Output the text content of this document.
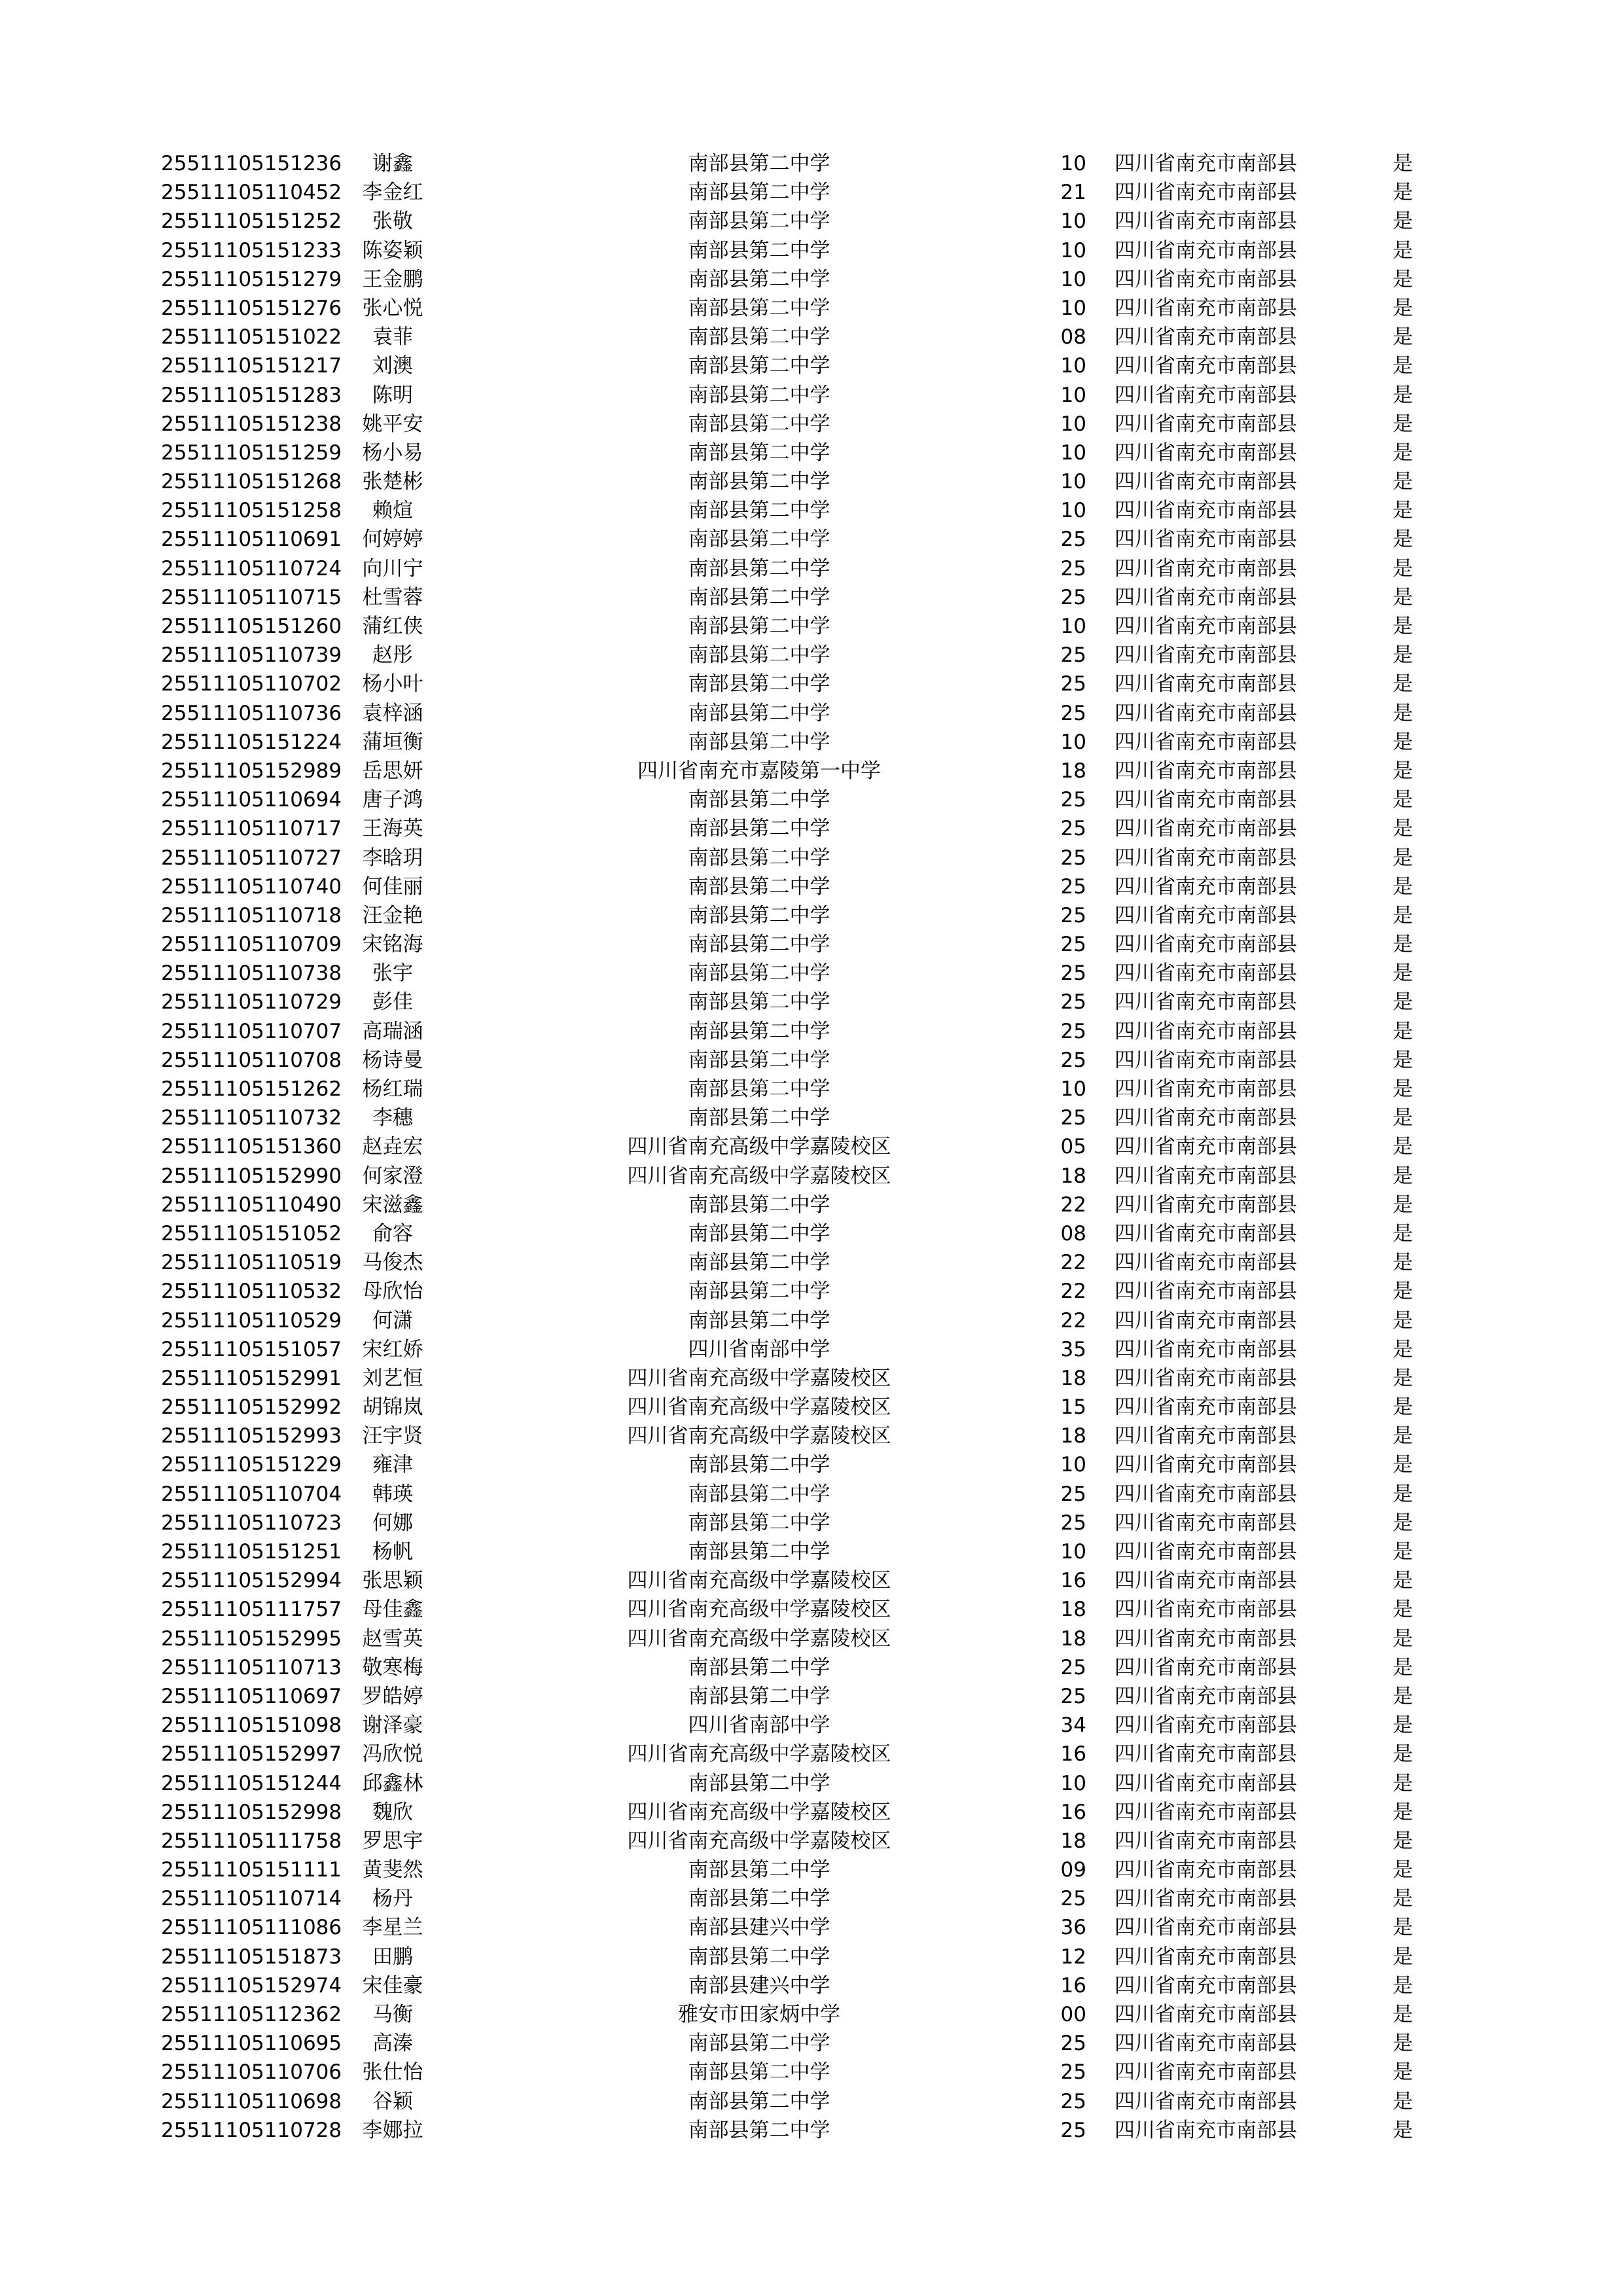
25511105151236	谢鑫	南部县第二中学	10 四川省南充市南部县	是
25511105110452	李金红	南部县第二中学	21 四川省南充市南部县	是
25511105151252	张敬	南部县第二中学	10 四川省南充市南部县	是
25511105151233	陈姿颖	南部县第二中学	10 四川省南充市南部县	是
25511105151279	王金鹏	南部县第二中学	10 四川省南充市南部县	是
25511105151276	张心悦	南部县第二中学	10 四川省南充市南部县	是
25511105151022	袁菲	南部县第二中学	08 四川省南充市南部县	是
25511105151217	刘澳	南部县第二中学	10 四川省南充市南部县	是
25511105151283	陈明	南部县第二中学	10 四川省南充市南部县	是
25511105151238	姚平安	南部县第二中学	10 四川省南充市南部县	是
25511105151259	杨小易	南部县第二中学	10 四川省南充市南部县	是
25511105151268	张楚彬	南部县第二中学	10 四川省南充市南部县	是
25511105151258	赖煊	南部县第二中学	10 四川省南充市南部县	是
25511105110691	何婷婷	南部县第二中学	25 四川省南充市南部县	是
25511105110724	向川宁	南部县第二中学	25 四川省南充市南部县	是
25511105110715	杜雪蓉	南部县第二中学	25 四川省南充市南部县	是
25511105151260	蒲红侠	南部县第二中学	10 四川省南充市南部县	是
25511105110739	赵彤	南部县第二中学	25 四川省南充市南部县	是
25511105110702	杨小叶	南部县第二中学	25 四川省南充市南部县	是
25511105110736	袁梓涵	南部县第二中学	25 四川省南充市南部县	是
25511105151224	蒲垣衡	南部县第二中学	10 四川省南充市南部县	是
25511105152989	岳思妍	四川省南充市嘉陵第一中学	18 四川省南充市南部县	是
25511105110694	唐子鸿	南部县第二中学	25 四川省南充市南部县	是
25511105110717	王海英	南部县第二中学	25 四川省南充市南部县	是
25511105110727	李晗玥	南部县第二中学	25 四川省南充市南部县	是
25511105110740	何佳丽	南部县第二中学	25 四川省南充市南部县	是
25511105110718	汪金艳	南部县第二中学	25 四川省南充市南部县	是
25511105110709	宋铭海	南部县第二中学	25 四川省南充市南部县	是
25511105110738	张宇	南部县第二中学	25 四川省南充市南部县	是
25511105110729	彭佳	南部县第二中学	25 四川省南充市南部县	是
25511105110707	高瑞涵	南部县第二中学	25 四川省南充市南部县	是
25511105110708	杨诗曼	南部县第二中学	25 四川省南充市南部县	是
25511105151262	杨红瑞	南部县第二中学	10 四川省南充市南部县	是
25511105110732	李穗	南部县第二中学	25 四川省南充市南部县	是
25511105151360	赵垚宏	四川省南充高级中学嘉陵校区	05 四川省南充市南部县	是
25511105152990	何家澄	四川省南充高级中学嘉陵校区	18 四川省南充市南部县	是
25511105110490	宋滋鑫	南部县第二中学	22 四川省南充市南部县	是
25511105151052	俞容	南部县第二中学	08 四川省南充市南部县	是
25511105110519	马俊杰	南部县第二中学	22 四川省南充市南部县	是
25511105110532	母欣怡	南部县第二中学	22 四川省南充市南部县	是
25511105110529	何潇	南部县第二中学	22 四川省南充市南部县	是
25511105151057	宋红娇	四川省南部中学	35 四川省南充市南部县	是
25511105152991	刘艺恒	四川省南充高级中学嘉陵校区	18 四川省南充市南部县	是
25511105152992	胡锦岚	四川省南充高级中学嘉陵校区	15 四川省南充市南部县	是
25511105152993	汪宇贤	四川省南充高级中学嘉陵校区	18 四川省南充市南部县	是
25511105151229	雍津	南部县第二中学	10 四川省南充市南部县	是
25511105110704	韩瑛	南部县第二中学	25 四川省南充市南部县	是
25511105110723	何娜	南部县第二中学	25 四川省南充市南部县	是
25511105151251	杨帆	南部县第二中学	10 四川省南充市南部县	是
25511105152994	张思颖	四川省南充高级中学嘉陵校区	16 四川省南充市南部县	是
25511105111757	母佳鑫	四川省南充高级中学嘉陵校区	18 四川省南充市南部县	是
25511105152995	赵雪英	四川省南充高级中学嘉陵校区	18 四川省南充市南部县	是
25511105110713	敬寒梅	南部县第二中学	25 四川省南充市南部县	是
25511105110697	罗皓婷	南部县第二中学	25 四川省南充市南部县	是
25511105151098	谢泽豪	四川省南部中学	34 四川省南充市南部县	是
25511105152997	冯欣悦	四川省南充高级中学嘉陵校区	16 四川省南充市南部县	是
25511105151244	邱鑫林	南部县第二中学	10 四川省南充市南部县	是
25511105152998	魏欣	四川省南充高级中学嘉陵校区	16 四川省南充市南部县	是
25511105111758	罗思宇	四川省南充高级中学嘉陵校区	18 四川省南充市南部县	是
25511105151111	黄斐然	南部县第二中学	09 四川省南充市南部县	是
25511105110714	杨丹	南部县第二中学	25 四川省南充市南部县	是
25511105111086	李星兰	南部县建兴中学	36 四川省南充市南部县	是
25511105151873	田鹏	南部县第二中学	12 四川省南充市南部县	是
25511105152974	宋佳豪	南部县建兴中学	16 四川省南充市南部县	是
25511105112362	马衡	雅安市田家炳中学	00 四川省南充市南部县	是
25511105110695	高溱	南部县第二中学	25 四川省南充市南部县	是
25511105110706	张仕怡	南部县第二中学	25 四川省南充市南部县	是
25511105110698	谷颖	南部县第二中学	25 四川省南充市南部县	是
25511105110728	李娜拉	南部县第二中学	25 四川省南充市南部县	是
